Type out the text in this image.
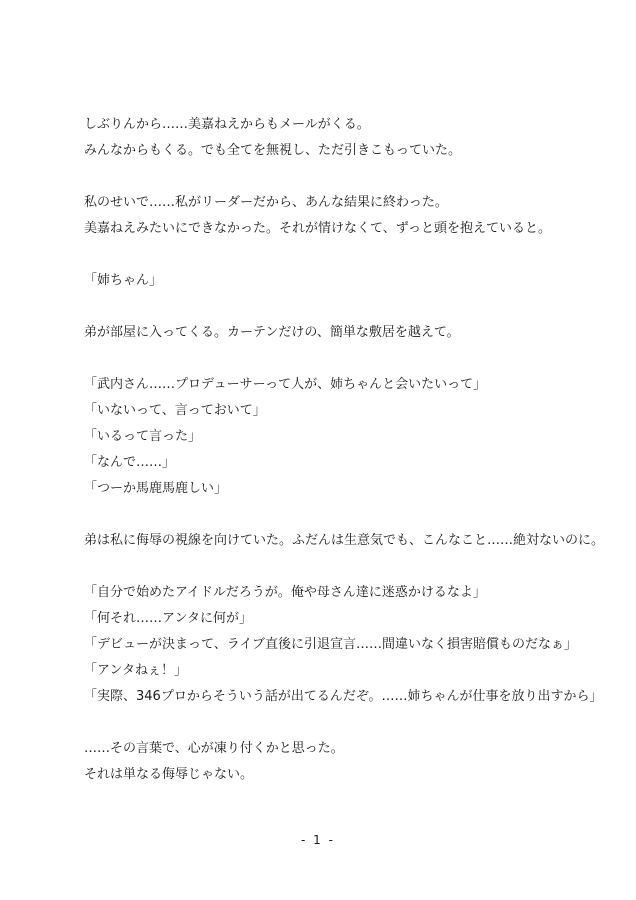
しぶりんから……美嘉ねえからもメールがくる。
みんなからもくる。でも全てを無視し、ただ引きこもっていた。
私のせいで……私がリーダーだから、あんな結果に終わった。
美嘉ねえみたいにできなかった。それが情けなくて、ずっと頭を抱えていると。
「姉ちゃん」
弟が部屋に入ってくる。カーテンだけの、簡単な敷居を越えて。
「武内さん……プロデューサーって人が、姉ちゃんと会いたいって」
「いないって、言っておいて」
「いるって言った」
「なんで……」
「つーか馬鹿馬鹿しい」
弟は私に侮辱の視線を向けていた。ふだんは生意気でも、こんなこと……絶対ないのに。
「自分で始めたアイドルだろうが。俺や母さん達に迷惑かけるなよ」
「何それ……アンタに何が」
「デビューが決まって、ライブ直後に引退宣言……間違いなく損害賠償ものだなぁ」
「アンタねぇ！」
「実際、346プロからそういう話が出てるんだぞ。……姉ちゃんが仕事を放り出すから」
……その言葉で、心が凍り付くかと思った。
それは単なる侮辱じゃない。
- 1 -
